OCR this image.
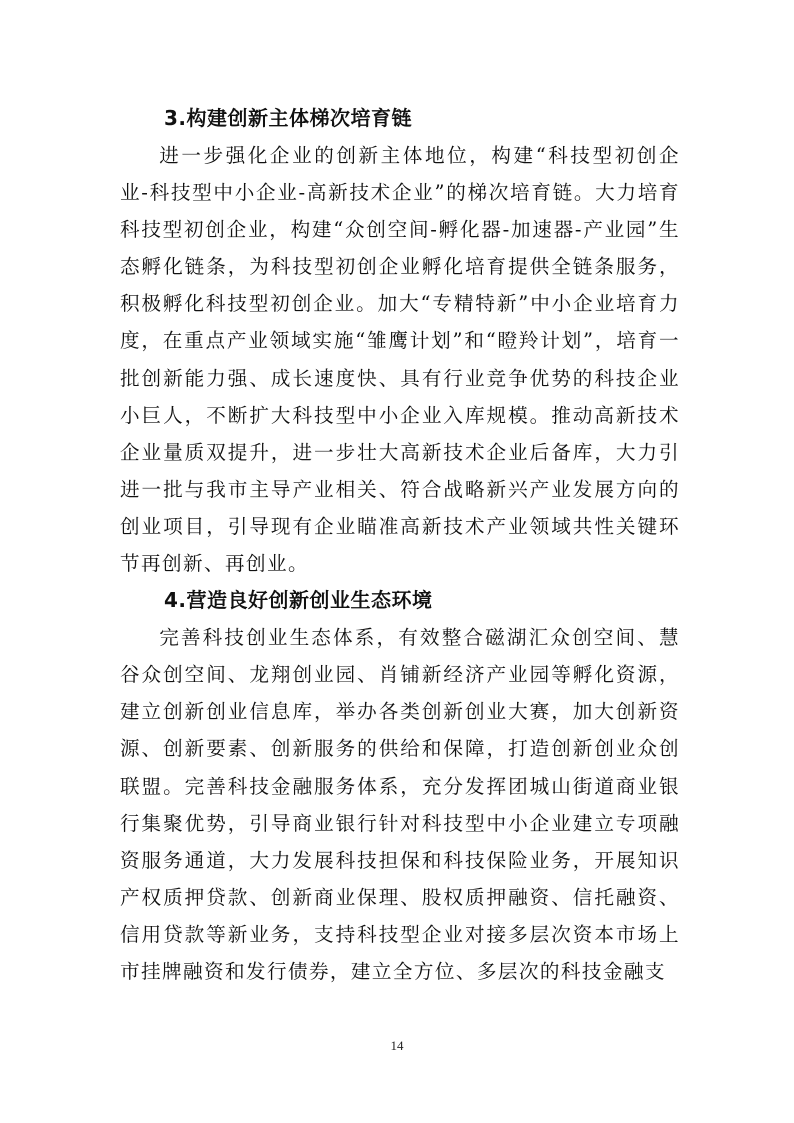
3.构建创新主体梯次培育链

进一步强化企业的创新主体地位，构建“科技型初创企业-科技型中小企业-高新技术企业”的梯次培育链。大力培育科技型初创企业，构建“众创空间-孵化器-加速器-产业园”生态孵化链条，为科技型初创企业孵化培育提供全链条服务，积极孵化科技型初创企业。加大“专精特新”中小企业培育力度，在重点产业领域实施“雏鹰计划”和“瞪羚计划”，培育一批创新能力强、成长速度快、具有行业竞争优势的科技企业小巨人，不断扩大科技型中小企业入库规模。推动高新技术企业量质双提升，进一步壮大高新技术企业后备库，大力引进一批与我市主导产业相关、符合战略新兴产业发展方向的创业项目，引导现有企业瞄准高新技术产业领域共性关键环节再创新、再创业。

4.营造良好创新创业生态环境

完善科技创业生态体系，有效整合磁湖汇众创空间、慧谷众创空间、龙翔创业园、肖铺新经济产业园等孵化资源，建立创新创业信息库，举办各类创新创业大赛，加大创新资源、创新要素、创新服务的供给和保障，打造创新创业众创联盟。完善科技金融服务体系，充分发挥团城山街道商业银行集聚优势，引导商业银行针对科技型中小企业建立专项融资服务通道，大力发展科技担保和科技保险业务，开展知识产权质押贷款、创新商业保理、股权质押融资、信托融资、信用贷款等新业务，支持科技型企业对接多层次资本市场上市挂牌融资和发行债券，建立全方位、多层次的科技金融支

14
